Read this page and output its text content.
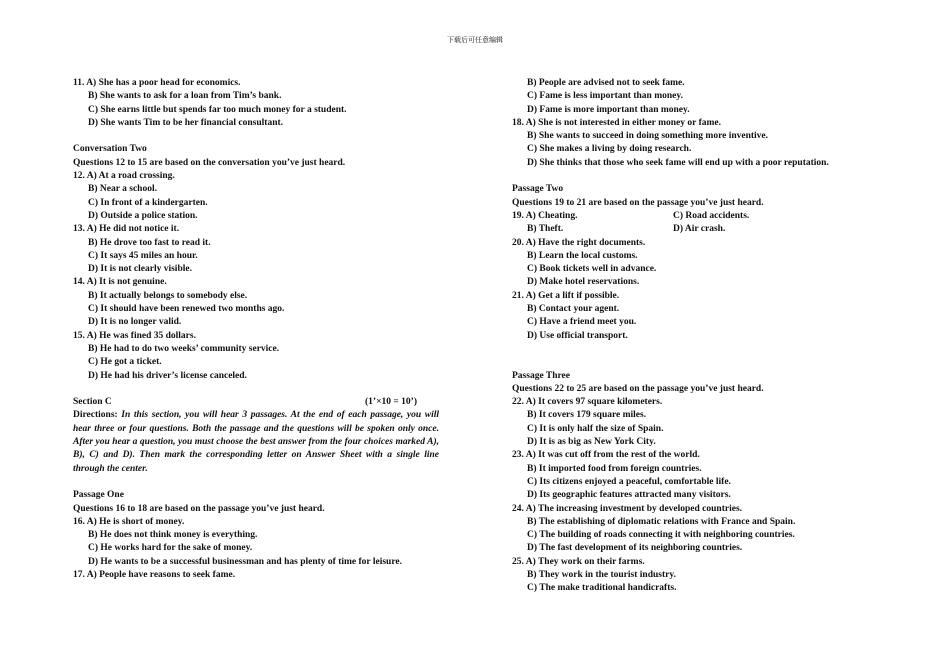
下载后可任意编辑
11. A) She has a poor head for economics.
B) She wants to ask for a loan from Tim’s bank.
C) She earns little but spends far too much money for a student.
D) She wants Tim to be her financial consultant.
Conversation Two
Questions 12 to 15 are based on the conversation you’ve just heard.
12. A) At a road crossing.
B) Near a school.
C) In front of a kindergarten.
D) Outside a police station.
13. A) He did not notice it.
B) He drove too fast to read it.
C) It says 45 miles an hour.
D) It is not clearly visible.
14. A) It is not genuine.
B) It actually belongs to somebody else.
C) It should have been renewed two months ago.
D) It is no longer valid.
15. A) He was fined 35 dollars.
B) He had to do two weeks’ community service.
C) He got a ticket.
D) He had his driver’s license canceled.
Section C	(1’×10 = 10’)
Directions: In this section, you will hear 3 passages. At the end of each passage, you will hear three or four questions. Both the passage and the questions will be spoken only once. After you hear a question, you must choose the best answer from the four choices marked A), B), C) and D). Then mark the corresponding letter on Answer Sheet with a single line through the center.
Passage One
Questions 16 to 18 are based on the passage you’ve just heard.
16. A) He is short of money.
B) He does not think money is everything.
C) He works hard for the sake of money.
D) He wants to be a successful businessman and has plenty of time for leisure.
17. A) People have reasons to seek fame.
B) People are advised not to seek fame.
C) Fame is less important than money.
D) Fame is more important than money.
18. A) She is not interested in either money or fame.
B) She wants to succeed in doing something more inventive.
C) She makes a living by doing research.
D) She thinks that those who seek fame will end up with a poor reputation.
Passage Two
Questions 19 to 21 are based on the passage you’ve just heard.
19. A) Cheating.	C) Road accidents.
B) Theft.	D) Air crash.
20. A) Have the right documents.
B) Learn the local customs.
C) Book tickets well in advance.
D) Make hotel reservations.
21. A) Get a lift if possible.
B) Contact your agent.
C) Have a friend meet you.
D) Use official transport.
Passage Three
Questions 22 to 25 are based on the passage you’ve just heard.
22. A) It covers 97 square kilometers.
B) It covers 179 square miles.
C) It is only half the size of Spain.
D) It is as big as New York City.
23. A) It was cut off from the rest of the world.
B) It imported food from foreign countries.
C) Its citizens enjoyed a peaceful, comfortable life.
D) Its geographic features attracted many visitors.
24. A) The increasing investment by developed countries.
B) The establishing of diplomatic relations with France and Spain.
C) The building of roads connecting it with neighboring countries.
D) The fast development of its neighboring countries.
25. A) They work on their farms.
B) They work in the tourist industry.
C) The make traditional handicrafts.
